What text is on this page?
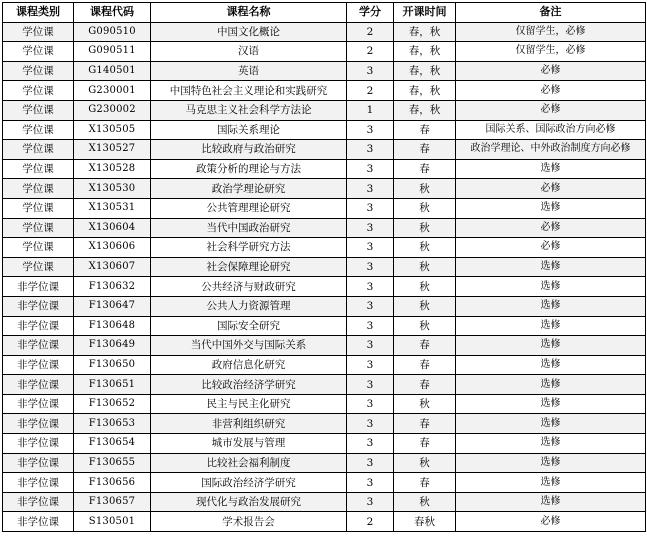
课程类别	课程代码	课程名称	学分	开课时间	备注
学位课	G090510	中国文化概论	2	春，秋	仅留学生，必修
学位课	G090511	汉语	2	春，秋	仅留学生，必修
学位课	G140501	英语	3	春，秋	必修
学位课	G230001	中国特色社会主义理论和实践研究	2	春，秋	必修
学位课	G230002	马克思主义社会科学方法论	1	春，秋	必修
学位课	X130505	国际关系理论	3	春	国际关系、国际政治方向必修
学位课	X130527	比较政府与政治研究	3	春	政治学理论、中外政治制度方向必修
学位课	X130528	政策分析的理论与方法	3	春	选修
学位课	X130530	政治学理论研究	3	秋	必修
学位课	X130531	公共管理理论研究	3	秋	选修
学位课	X130604	当代中国政治研究	3	秋	必修
学位课	X130606	社会科学研究方法	3	秋	必修
学位课	X130607	社会保障理论研究	3	秋	选修
非学位课	F130632	公共经济与财政研究	3	秋	选修
非学位课	F130647	公共人力资源管理	3	秋	选修
非学位课	F130648	国际安全研究	3	秋	选修
非学位课	F130649	当代中国外交与国际关系	3	春	选修
非学位课	F130650	政府信息化研究	3	春	选修
非学位课	F130651	比较政治经济学研究	3	春	选修
非学位课	F130652	民主与民主化研究	3	秋	选修
非学位课	F130653	非营利组织研究	3	春	选修
非学位课	F130654	城市发展与管理	3	春	选修
非学位课	F130655	比较社会福利制度	3	秋	选修
非学位课	F130656	国际政治经济学研究	3	春	选修
非学位课	F130657	现代化与政治发展研究	3	秋	选修
非学位课	S130501	学术报告会	2	春秋	必修
